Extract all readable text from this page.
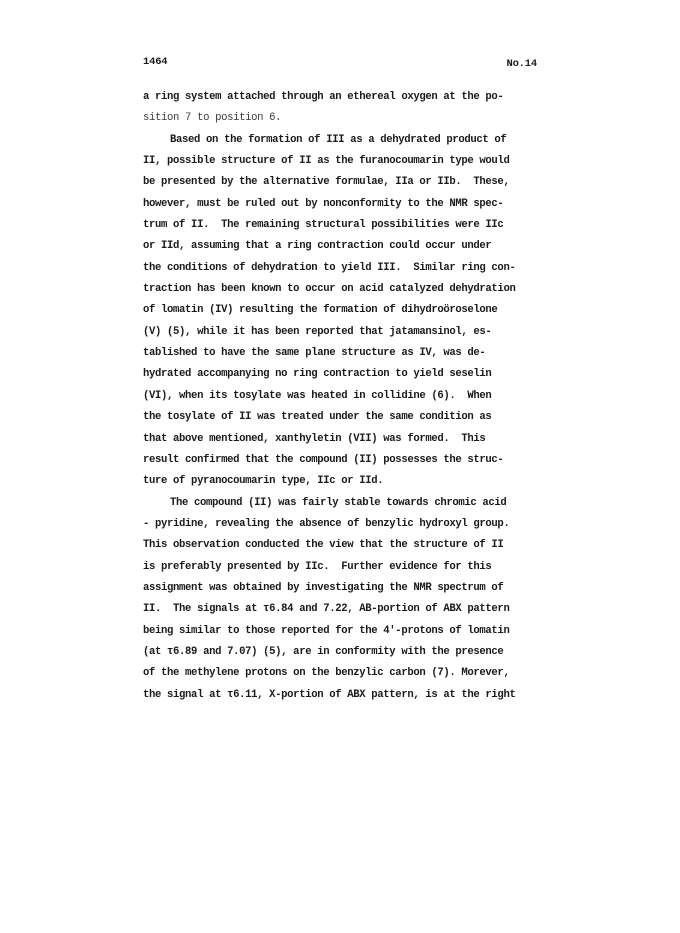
1464	No.14
a ring system attached through an ethereal oxygen at the po-
sition 7 to position 6.
Based on the formation of III as a dehydrated product of
II, possible structure of II as the furanocoumarin type would
be presented by the alternative formulae, IIa or IIb.  These,
however, must be ruled out by nonconformity to the NMR spec-
trum of II.  The remaining structural possibilities were IIc
or IId, assuming that a ring contraction could occur under
the conditions of dehydration to yield III.  Similar ring con-
traction has been known to occur on acid catalyzed dehydration
of lomatin (IV) resulting the formation of dihydroöroselone
(V) (5), while it has been reported that jatamansinol, es-
tablished to have the same plane structure as IV, was de-
hydrated accompanying no ring contraction to yield seselin
(VI), when its tosylate was heated in collidine (6).  When
the tosylate of II was treated under the same condition as
that above mentioned, xanthyletin (VII) was formed.  This
result confirmed that the compound (II) possesses the struc-
ture of pyranocoumarin type, IIc or IId.
The compound (II) was fairly stable towards chromic acid
- pyridine, revealing the absence of benzylic hydroxyl group.
This observation conducted the view that the structure of II
is preferably presented by IIc.  Further evidence for this
assignment was obtained by investigating the NMR spectrum of
II.  The signals at τ6.84 and 7.22, AB-portion of ABX pattern
being similar to those reported for the 4'-protons of lomatin
(at τ6.89 and 7.07) (5), are in conformity with the presence
of the methylene protons on the benzylic carbon (7). Morever,
the signal at τ6.11, X-portion of ABX pattern, is at the right
